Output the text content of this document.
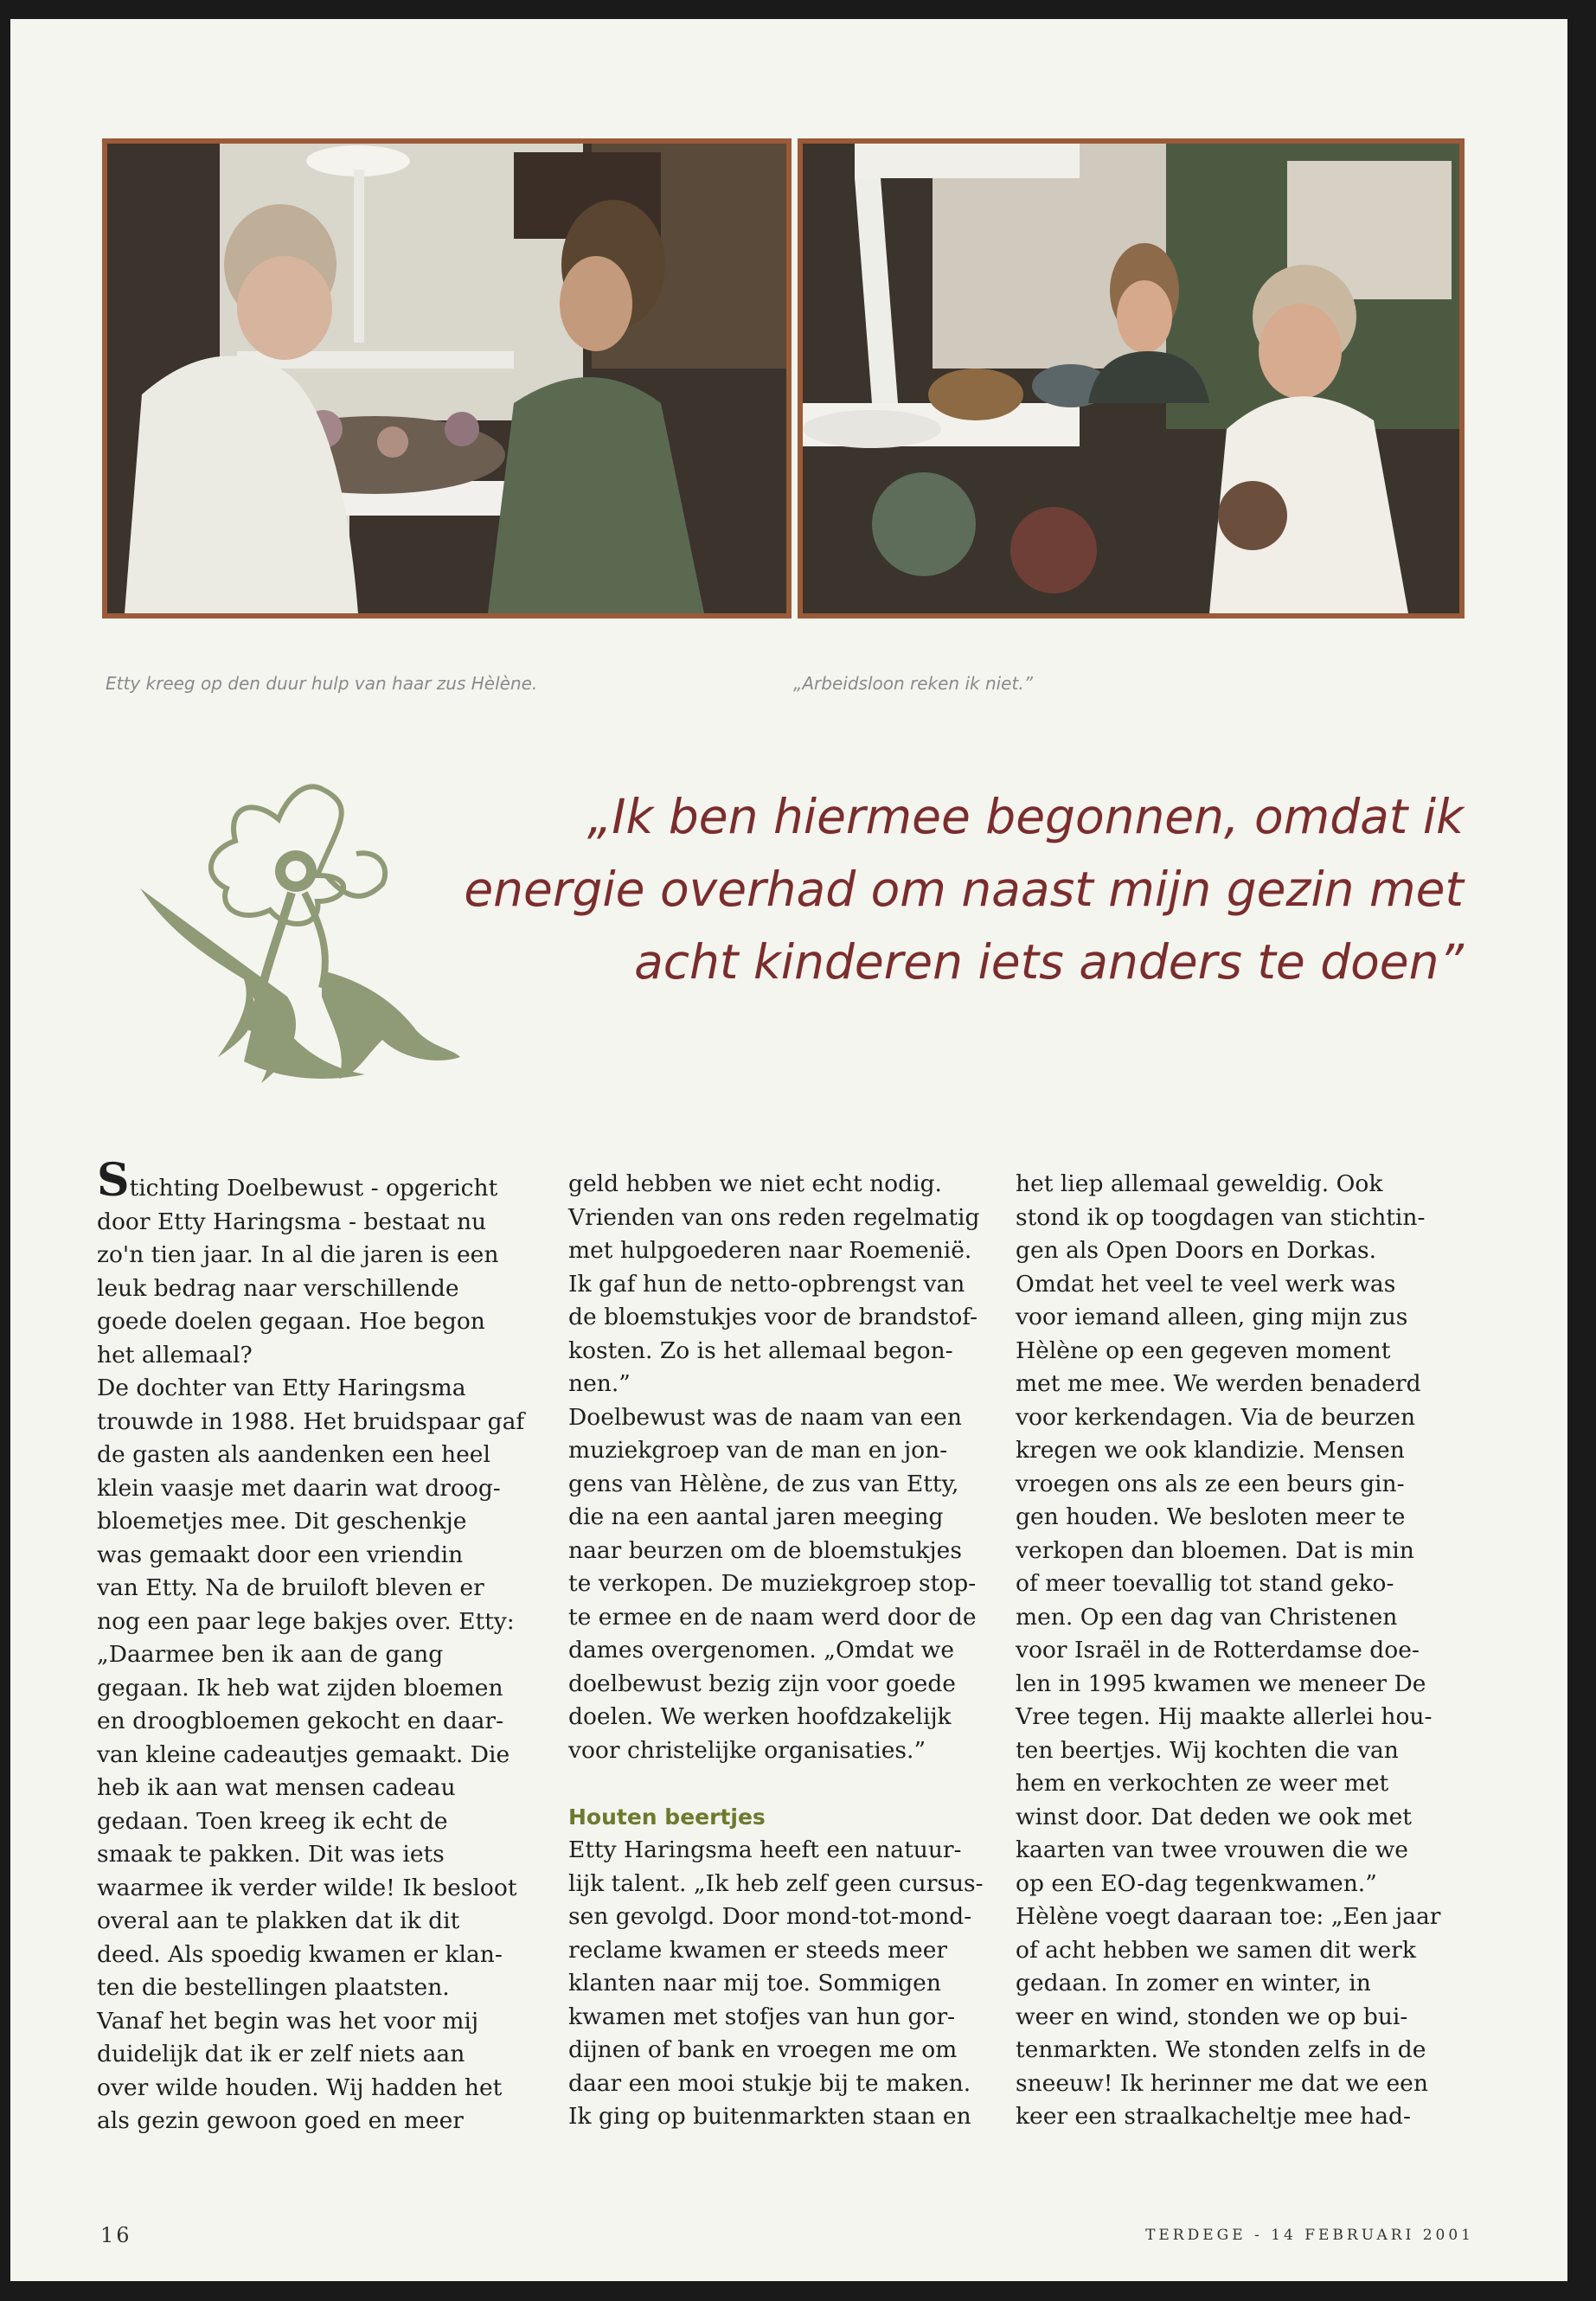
Etty kreeg op den duur hulp van haar zus Hèlène.	„Arbeidsloon reken ik niet.”
„Ik ben hiermee begonnen, omdat ik
energie overhad om naast mijn gezin met
acht kinderen iets anders te doen”
Stichting Doelbewust - opgericht
door Etty Haringsma - bestaat nu
zo'n tien jaar. In al die jaren is een
leuk bedrag naar verschillende
goede doelen gegaan. Hoe begon
het allemaal?
De dochter van Etty Haringsma
trouwde in 1988. Het bruidspaar gaf
de gasten als aandenken een heel
klein vaasje met daarin wat droog-
bloemetjes mee. Dit geschenkje
was gemaakt door een vriendin
van Etty. Na de bruiloft bleven er
nog een paar lege bakjes over. Etty:
„Daarmee ben ik aan de gang
gegaan. Ik heb wat zijden bloemen
en droogbloemen gekocht en daar-
van kleine cadeautjes gemaakt. Die
heb ik aan wat mensen cadeau
gedaan. Toen kreeg ik echt de
smaak te pakken. Dit was iets
waarmee ik verder wilde! Ik besloot
overal aan te plakken dat ik dit
deed. Als spoedig kwamen er klan-
ten die bestellingen plaatsten.
Vanaf het begin was het voor mij
duidelijk dat ik er zelf niets aan
over wilde houden. Wij hadden het
als gezin gewoon goed en meer
geld hebben we niet echt nodig.
Vrienden van ons reden regelmatig
met hulpgoederen naar Roemenië.
Ik gaf hun de netto-opbrengst van
de bloemstukjes voor de brandstof-
kosten. Zo is het allemaal begon-
nen.”
Doelbewust was de naam van een
muziekgroep van de man en jon-
gens van Hèlène, de zus van Etty,
die na een aantal jaren meeging
naar beurzen om de bloemstukjes
te verkopen. De muziekgroep stop-
te ermee en de naam werd door de
dames overgenomen. „Omdat we
doelbewust bezig zijn voor goede
doelen. We werken hoofdzakelijk
voor christelijke organisaties.”
Houten beertjes
Etty Haringsma heeft een natuur-
lijk talent. „Ik heb zelf geen cursus-
sen gevolgd. Door mond-tot-mond-
reclame kwamen er steeds meer
klanten naar mij toe. Sommigen
kwamen met stofjes van hun gor-
dijnen of bank en vroegen me om
daar een mooi stukje bij te maken.
Ik ging op buitenmarkten staan en
het liep allemaal geweldig. Ook
stond ik op toogdagen van stichtin-
gen als Open Doors en Dorkas.
Omdat het veel te veel werk was
voor iemand alleen, ging mijn zus
Hèlène op een gegeven moment
met me mee. We werden benaderd
voor kerkendagen. Via de beurzen
kregen we ook klandizie. Mensen
vroegen ons als ze een beurs gin-
gen houden. We besloten meer te
verkopen dan bloemen. Dat is min
of meer toevallig tot stand geko-
men. Op een dag van Christenen
voor Israël in de Rotterdamse doe-
len in 1995 kwamen we meneer De
Vree tegen. Hij maakte allerlei hou-
ten beertjes. Wij kochten die van
hem en verkochten ze weer met
winst door. Dat deden we ook met
kaarten van twee vrouwen die we
op een EO-dag tegenkwamen.”
Hèlène voegt daaraan toe: „Een jaar
of acht hebben we samen dit werk
gedaan. In zomer en winter, in
weer en wind, stonden we op bui-
tenmarkten. We stonden zelfs in de
sneeuw! Ik herinner me dat we een
keer een straalkacheltje mee had-
16	TERDEGE - 14 FEBRUARI 2001
